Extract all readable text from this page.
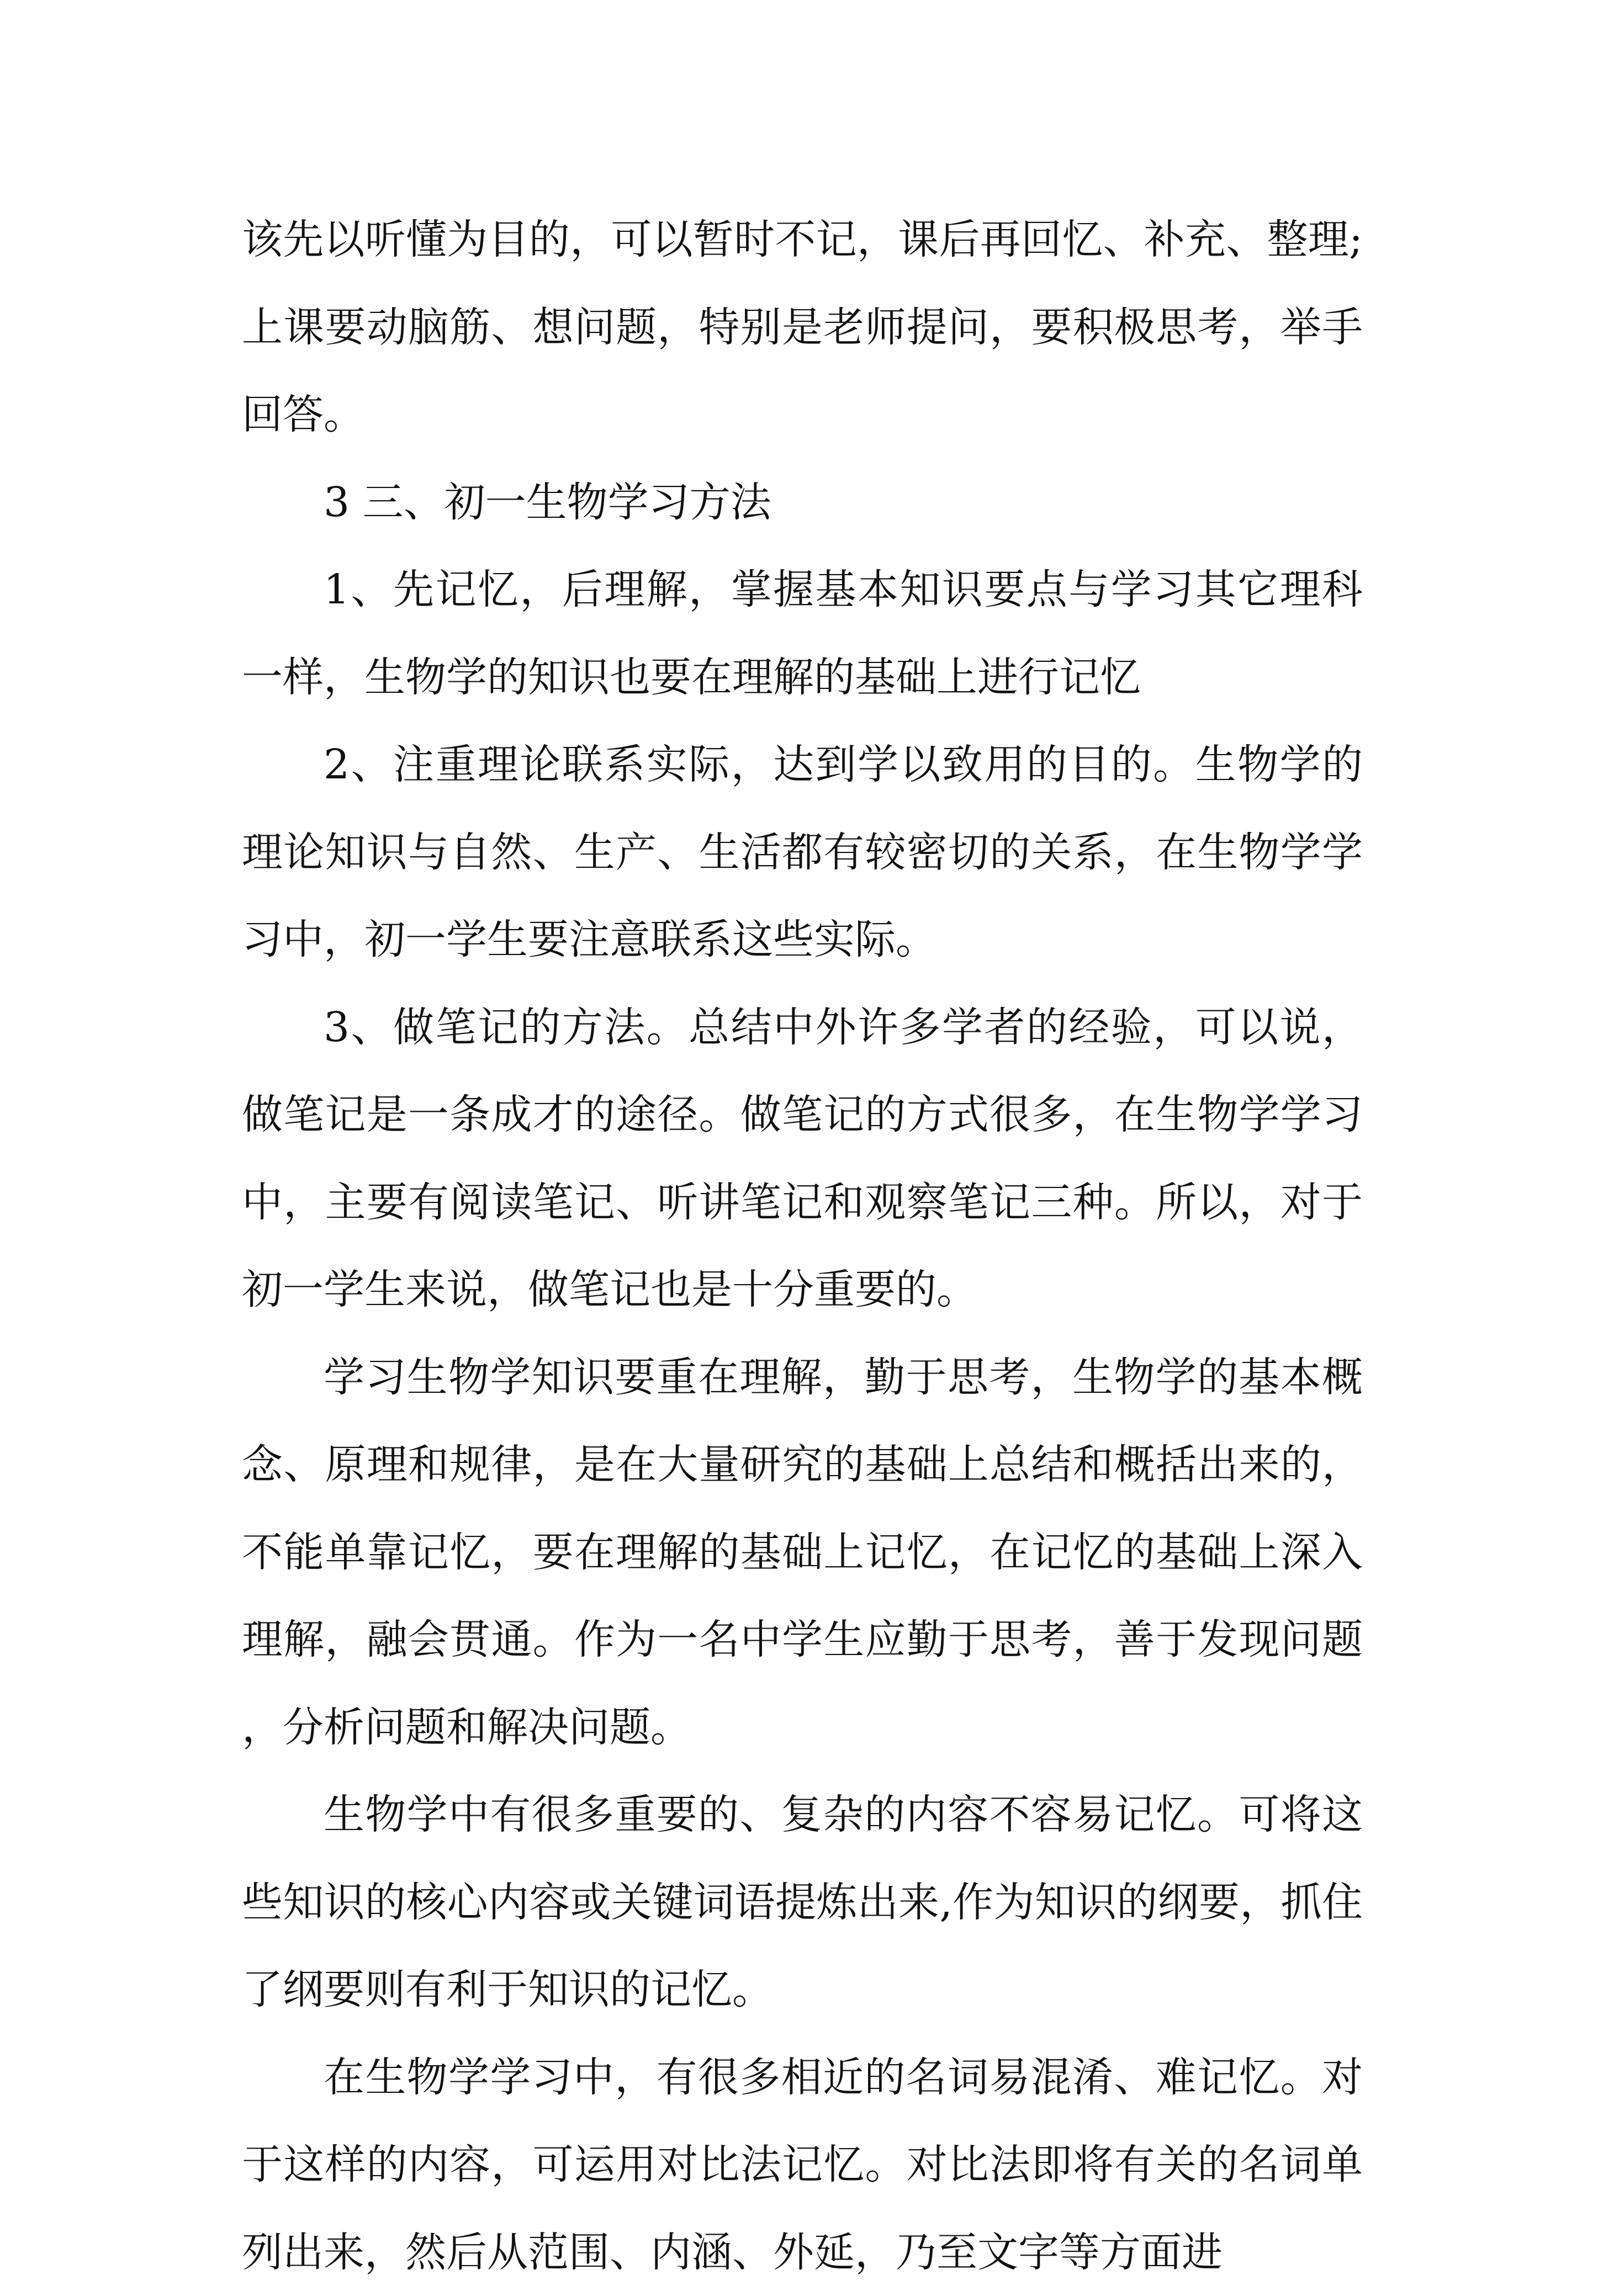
该先以听懂为目的，可以暂时不记，课后再回忆、补充、整理;上课要动脑筋、想问题，特别是老师提问，要积极思考，举手回答。

3 三、初一生物学习方法

1、先记忆，后理解，掌握基本知识要点与学习其它理科一样，生物学的知识也要在理解的基础上进行记忆

2、注重理论联系实际，达到学以致用的目的。生物学的理论知识与自然、生产、生活都有较密切的关系，在生物学学习中，初一学生要注意联系这些实际。

3、做笔记的方法。总结中外许多学者的经验，可以说，做笔记是一条成才的途径。做笔记的方式很多，在生物学学习中，主要有阅读笔记、听讲笔记和观察笔记三种。所以，对于初一学生来说，做笔记也是十分重要的。

学习生物学知识要重在理解，勤于思考，生物学的基本概念、原理和规律，是在大量研究的基础上总结和概括出来的，不能单靠记忆，要在理解的基础上记忆，在记忆的基础上深入理解，融会贯通。作为一名中学生应勤于思考，善于发现问题，分析问题和解决问题。

生物学中有很多重要的、复杂的内容不容易记忆。可将这些知识的核心内容或关键词语提炼出来,作为知识的纲要，抓住了纲要则有利于知识的记忆。

在生物学学习中，有很多相近的名词易混淆、难记忆。对于这样的内容，可运用对比法记忆。对比法即将有关的名词单列出来，然后从范围、内涵、外延，乃至文字等方面进
